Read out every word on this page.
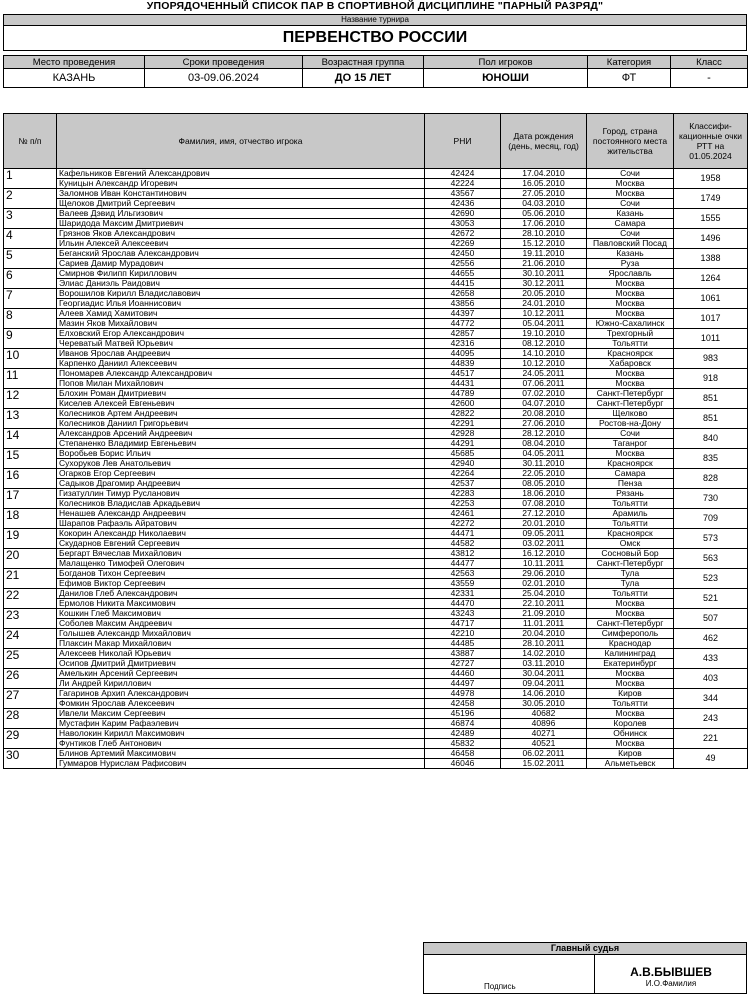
УПОРЯДОЧЕННЫЙ СПИСОК ПАР В СПОРТИВНОЙ ДИСЦИПЛИНЕ "ПАРНЫЙ РАЗРЯД"
Название турнира
ПЕРВЕНСТВО РОССИИ
Место проведения	Сроки проведения	Возрастная группа	Пол игроков	Категория	Класс
КАЗАНЬ	03-09.06.2024	ДО 15 ЛЕТ	ЮНОШИ	ФТ	-
№ п/п	Фамилия, имя, отчество игрока	РНИ	Дата рождения (день, месяц, год)	Город, страна постоянного места жительства	Классифи-кационные очки РТТ на 01.05.2024
1	Кафельников Евгений Александрович	42424	17.04.2010	Сочи	1958
	Куницын Александр Игоревич	42224	16.05.2010	Москва	
2	Заломнов Иван Константинович	43567	27.05.2010	Москва	1749
	Щелоков Дмитрий Сергеевич	42436	04.03.2010	Сочи	
3	Валеев Дэвид Ильгизович	42690	05.06.2010	Казань	1555
	Шаридода Максим Дмитриевич	43053	17.06.2010	Самара	
4	Грязнов Яков Александрович	42672	28.10.2010	Сочи	1496
	Ильин Алексей Алексеевич	42269	15.12.2010	Павловский Посад	
5	Беганский Ярослав Александрович	42450	19.11.2010	Казань	1388
	Сариев Дамир Мурадович	42556	21.06.2010	Руза	
6	Смирнов Филипп Кириллович	44655	30.10.2011	Ярославль	1264
	Элиас Даниэль Раидович	44415	30.12.2011	Москва	
7	Ворошилов Кирилл Владиславович	42658	20.05.2010	Москва	1061
	Георгиадис Илья Иоаннисович	43856	24.01.2010	Москва	
8	Алеев Хамид Хамитович	44397	10.12.2011	Москва	1017
	Мазин Яков Михайлович	44772	05.04.2011	Южно-Сахалинск	
9	Елховский Егор Александрович	42857	19.10.2010	Трехгорный	1011
	Череватый Матвей Юрьевич	42316	08.12.2010	Тольятти	
10	Иванов Ярослав Андреевич	44095	14.10.2010	Красноярск	983
	Карпенко Даниил Алексеевич	44839	10.12.2010	Хабаровск	
11	Пономарев Александр Александрович	44517	24.05.2011	Москва	918
	Попов Милан Михайлович	44431	07.06.2011	Москва	
12	Блохин Роман Дмитриевич	44789	07.02.2010	Санкт-Петербург	851
	Киселев Алексей Евгеньевич	42600	04.07.2010	Санкт-Петербург	
13	Колесников Артем Андреевич	42822	20.08.2010	Щелково	851
	Колесников Даниил Григорьевич	42291	27.06.2010	Ростов-на-Дону	
14	Александров Арсений Андреевич	42928	28.12.2010	Сочи	840
	Степаненко Владимир Евгеньевич	44291	08.04.2010	Таганрог	
15	Воробьев Борис Ильич	45685	04.05.2011	Москва	835
	Сухоруков Лев Анатольевич	42940	30.11.2010	Красноярск	
16	Огарков Егор Сергеевич	42264	22.05.2010	Самара	828
	Садыков Драгомир Андреевич	42537	08.05.2010	Пенза	
17	Гизатуллин Тимур Русланович	42283	18.06.2010	Рязань	730
	Колесников Владислав Аркадьевич	42253	07.08.2010	Тольятти	
18	Ненашев Александр Андреевич	42461	27.12.2010	Арамиль	709
	Шарапов Рафаэль Айратович	42272	20.01.2010	Тольятти	
19	Кокорин Александр Николаевич	44471	09.05.2011	Красноярск	573
	Скударнов Евгений Сергеевич	44582	03.02.2011	Омск	
20	Бергарт Вячеслав Михайлович	43812	16.12.2010	Сосновый Бор	563
	Малащенко Тимофей Олегович	44477	10.11.2011	Санкт-Петербург	
21	Богданов Тихон Сергеевич	42563	29.06.2010	Тула	523
	Ефимов Виктор Сергеевич	43559	02.01.2010	Тула	
22	Данилов Глеб Александрович	42331	25.04.2010	Тольятти	521
	Ермолов Никита Максимович	44470	22.10.2011	Москва	
23	Кошкин Глеб Максимович	43243	21.09.2010	Москва	507
	Соболев Максим Андреевич	44717	11.01.2011	Санкт-Петербург	
24	Голышев Александр Михайлович	42210	20.04.2010	Симферополь	462
	Плаксин Макар Михайлович	44485	28.10.2011	Краснодар	
25	Алексеев Николай Юрьевич	43887	14.02.2010	Калининград	433
	Осипов Дмитрий Дмитриевич	42727	03.11.2010	Екатеринбург	
26	Амелькин Арсений Сергеевич	44460	30.04.2011	Москва	403
	Ли Андрей Кириллович	44497	09.04.2011	Москва	
27	Гагаринов Архип Александрович	44978	14.06.2010	Киров	344
	Фомкин Ярослав Алексеевич	42458	30.05.2010	Тольятти	
28	Ивлели Максим Сергеевич	45196	40682	Москва	243
	Мустафин Карим Рафаэлевич	46874	40896	Королев	
29	Наволокин Кирилл Максимович	42489	40271	Обнинск	221
	Фунтиков Глеб Антонович	45832	40521	Москва	
30	Блинов Артемий Максимович	46458	06.02.2011	Киров	49
	Гуммаров Нурислам Рафисович	46046	15.02.2011	Альметьевск	
Главный судья
Подпись
А.В.БЫВШЕВ
И.О.Фамилия
